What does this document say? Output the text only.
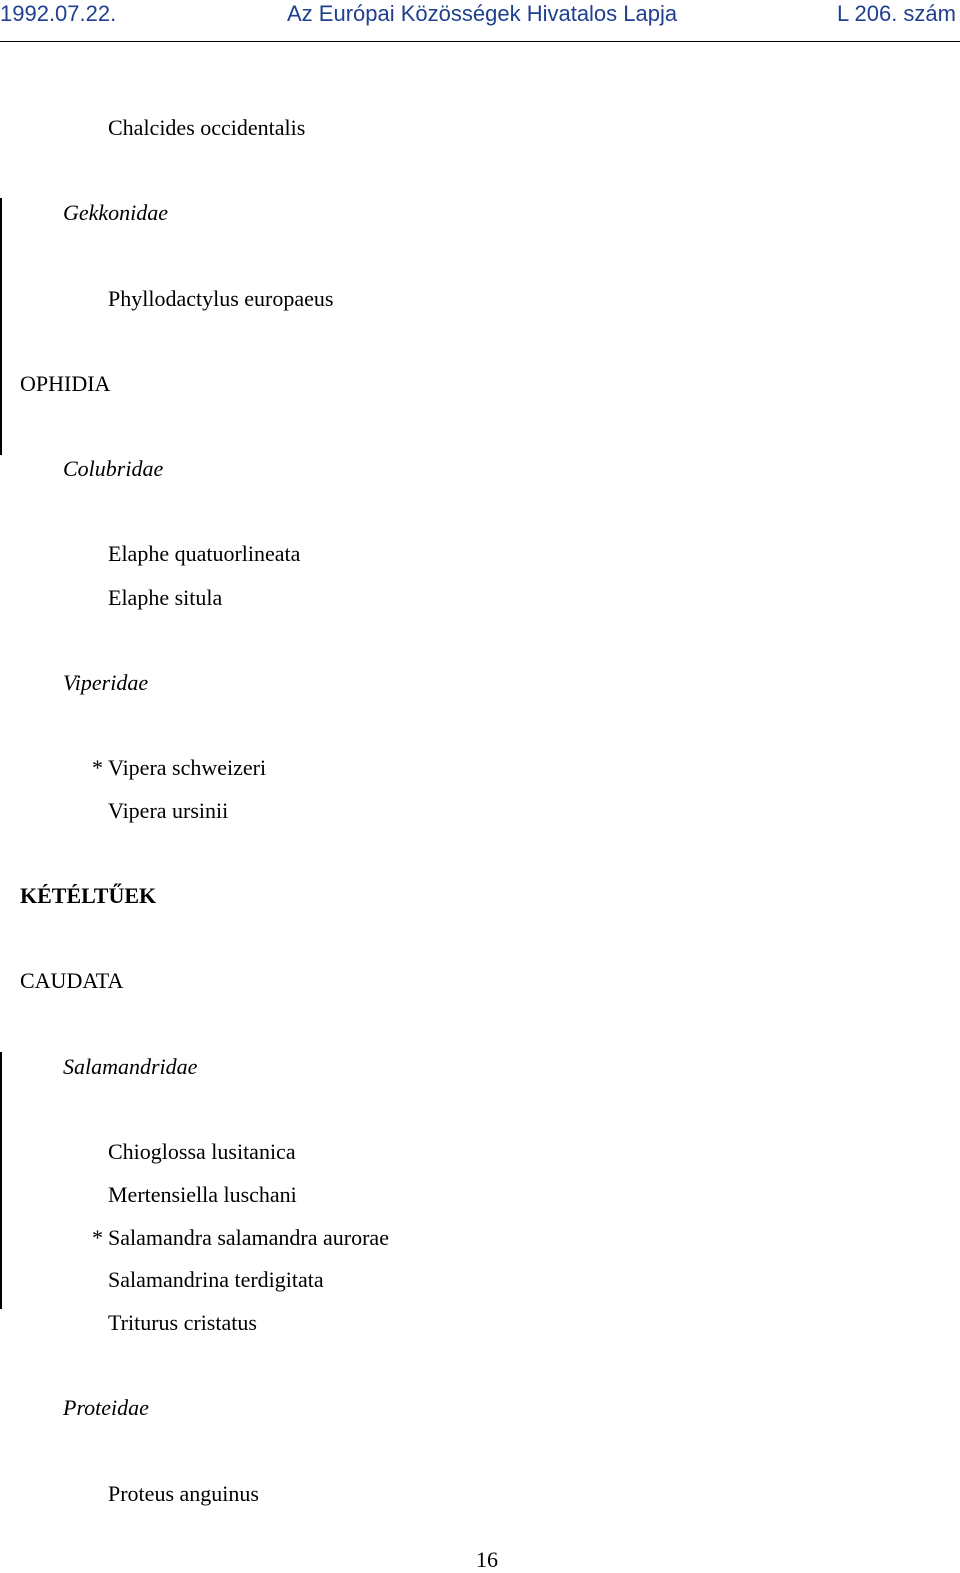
1992.07.22.	Az Európai Közösségek Hivatalos Lapja	L 206. szám
Chalcides occidentalis
Gekkonidae
Phyllodactylus europaeus
OPHIDIA
Colubridae
Elaphe quatuorlineata
Elaphe situla
Viperidae
* Vipera schweizeri
Vipera ursinii
KÉTÉLTŰEK
CAUDATA
Salamandridae
Chioglossa lusitanica
Mertensiella luschani
* Salamandra salamandra aurorae
Salamandrina terdigitata
Triturus cristatus
Proteidae
Proteus anguinus
16
